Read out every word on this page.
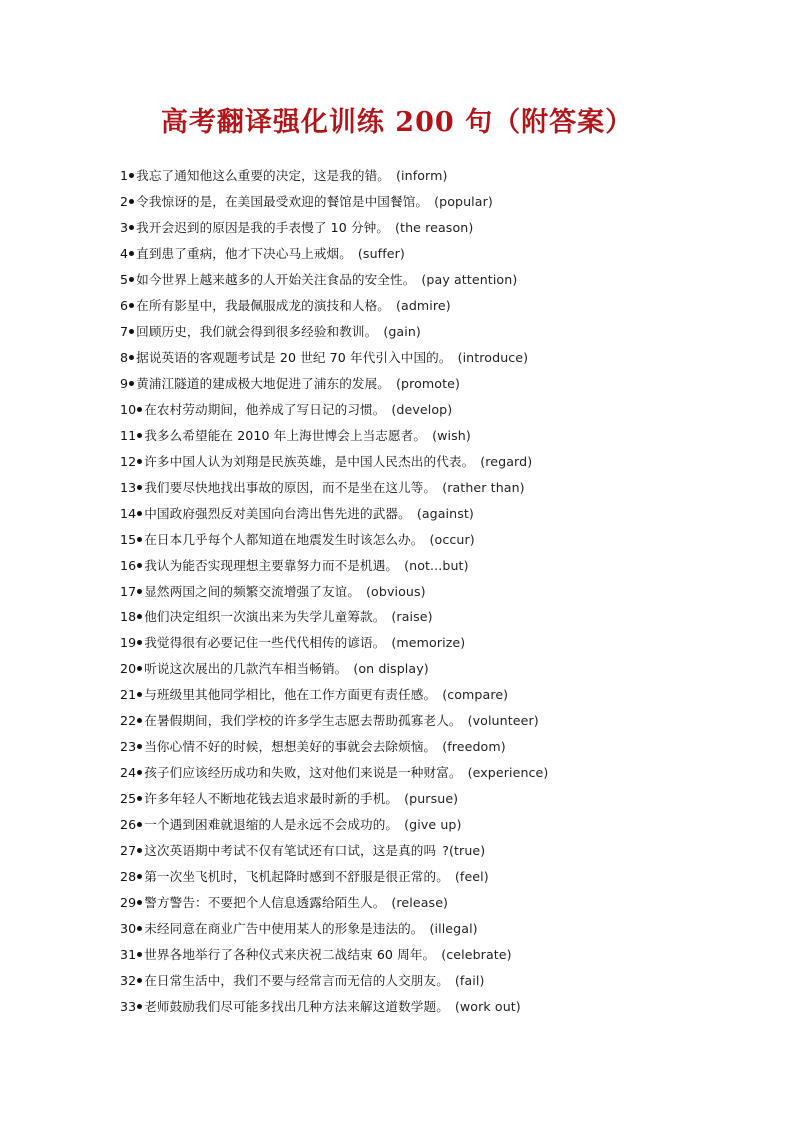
高考翻译强化训练 200 句（附答案）
1 我忘了通知他这么重要的决定，这是我的错。 (inform)
2 令我惊讶的是，在美国最受欢迎的餐馆是中国餐馆。 (popular)
3 我开会迟到的原因是我的手表慢了 10 分钟。 (the reason)
4 直到患了重病，他才下决心马上戒烟。 (suffer)
5 如今世界上越来越多的人开始关注食品的安全性。 (pay attention)
6 在所有影星中，我最佩服成龙的演技和人格。 (admire)
7 回顾历史，我们就会得到很多经验和教训。 (gain)
8 据说英语的客观题考试是 20 世纪 70 年代引入中国的。 (introduce)
9 黄浦江隧道的建成极大地促进了浦东的发展。 (promote)
10 在农村劳动期间，他养成了写日记的习惯。 (develop)
11 我多么希望能在 2010 年上海世博会上当志愿者。 (wish)
12 许多中国人认为刘翔是民族英雄，是中国人民杰出的代表。 (regard)
13 我们要尽快地找出事故的原因，而不是坐在这儿等。 (rather than)
14 中国政府强烈反对美国向台湾出售先进的武器。 (against)
15 在日本几乎每个人都知道在地震发生时该怎么办。 (occur)
16 我认为能否实现理想主要靠努力而不是机遇。 (not...but)
17 显然两国之间的频繁交流增强了友谊。 (obvious)
18 他们决定组织一次演出来为失学儿童筹款。 (raise)
19 我觉得很有必要记住一些代代相传的谚语。 (memorize)
20 听说这次展出的几款汽车相当畅销。 (on display)
21 与班级里其他同学相比，他在工作方面更有责任感。 (compare)
22 在暑假期间，我们学校的许多学生志愿去帮助孤寡老人。 (volunteer)
23 当你心情不好的时候，想想美好的事就会去除烦恼。 (freedom)
24 孩子们应该经历成功和失败，这对他们来说是一种财富。 (experience)
25 许多年轻人不断地花钱去追求最时新的手机。 (pursue)
26 一个遇到困难就退缩的人是永远不会成功的。 (give up)
27 这次英语期中考试不仅有笔试还有口试，这是真的吗 ?(true)
28 第一次坐飞机时，飞机起降时感到不舒服是很正常的。 (feel)
29 警方警告：不要把个人信息透露给陌生人。 (release)
30 未经同意在商业广告中使用某人的形象是违法的。 (illegal)
31 世界各地举行了各种仪式来庆祝二战结束 60 周年。 (celebrate)
32 在日常生活中，我们不要与经常言而无信的人交朋友。 (fail)
33 老师鼓励我们尽可能多找出几种方法来解这道数学题。 (work out)
